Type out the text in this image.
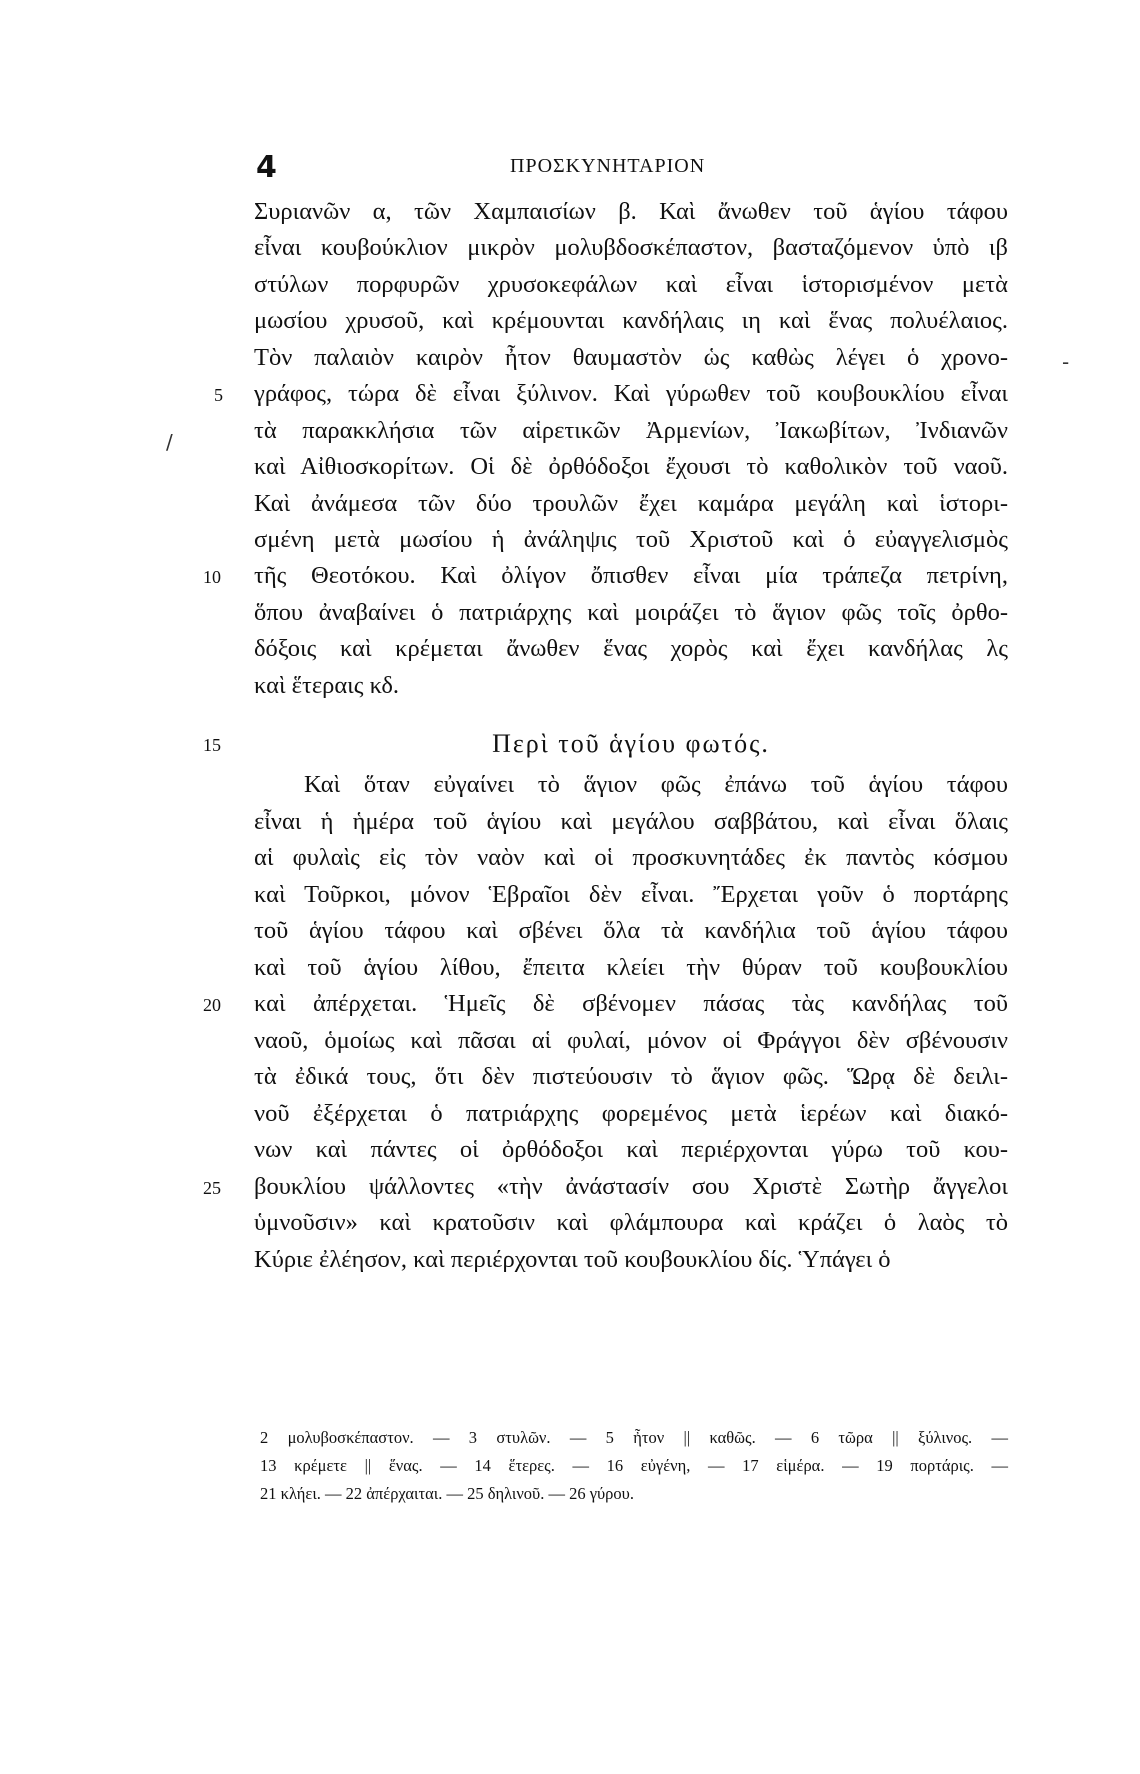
4	ΠΡΟΣΚΥΝΗΤΑΡΙΟΝ
Συριανῶν α, τῶν Χαμπαισίων β. Καὶ ἄνωθεν τοῦ ἁγίου τάφου
εἶναι κουβούκλιον μικρὸν μολυβδοσκέπαστον, βασταζόμενον ὑπὸ ιβ
στύλων πορφυρῶν χρυσοκεφάλων καὶ εἶναι ἱστορισμένον μετὰ
μωσίου χρυσοῦ, καὶ κρέμουνται κανδήλαις ιη καὶ ἕνας πολυέλαιος.
Τὸν παλαιὸν καιρὸν ἦτον θαυμαστὸν ὡς καθὼς λέγει ὁ χρονο-
γράφος, τώρα δὲ εἶναι ξύλινον. Καὶ γύρωθεν τοῦ κουβουκλίου εἶναι
τὰ παρακκλήσια τῶν αἱρετικῶν Ἀρμενίων, Ἰακωβίτων, Ἰνδιανῶν
καὶ Αἰθιοσκορίτων. Οἱ δὲ ὀρθόδοξοι ἔχουσι τὸ καθολικὸν τοῦ ναοῦ.
Καὶ ἀνάμεσα τῶν δύο τρουλῶν ἔχει καμάρα μεγάλη καὶ ἱστορι-
σμένη μετὰ μωσίου ἡ ἀνάληψις τοῦ Χριστοῦ καὶ ὁ εὐαγγελισμὸς
τῆς Θεοτόκου. Καὶ ὀλίγον ὄπισθεν εἶναι μία τράπεζα πετρίνη,
ὅπου ἀναβαίνει ὁ πατριάρχης καὶ μοιράζει τὸ ἅγιον φῶς τοῖς ὀρθο-
δόξοις καὶ κρέμεται ἄνωθεν ἕνας χορὸς καὶ ἔχει κανδήλας λς
καὶ ἕτεραις κδ.
Περὶ τοῦ ἁγίου φωτός.
Καὶ ὅταν εὐγαίνει τὸ ἅγιον φῶς ἐπάνω τοῦ ἁγίου τάφου
εἶναι ἡ ἡμέρα τοῦ ἁγίου καὶ μεγάλου σαββάτου, καὶ εἶναι ὅλαις
αἱ φυλαὶς εἰς τὸν ναὸν καὶ οἱ προσκυνητάδες ἐκ παντὸς κόσμου
καὶ Τοῦρκοι, μόνον Ἑβραῖοι δὲν εἶναι. Ἔρχεται γοῦν ὁ πορτάρης
τοῦ ἁγίου τάφου καὶ σβένει ὅλα τὰ κανδήλια τοῦ ἁγίου τάφου
καὶ τοῦ ἁγίου λίθου, ἔπειτα κλείει τὴν θύραν τοῦ κουβουκλίου
καὶ ἀπέρχεται. Ἡμεῖς δὲ σβένομεν πάσας τὰς κανδήλας τοῦ
ναοῦ, ὁμοίως καὶ πᾶσαι αἱ φυλαί, μόνον οἱ Φράγγοι δὲν σβένουσιν
τὰ ἐδικά τους, ὅτι δὲν πιστεύουσιν τὸ ἅγιον φῶς. Ὥρᾳ δὲ δειλι-
νοῦ ἐξέρχεται ὁ πατριάρχης φορεμένος μετὰ ἱερέων καὶ διακό-
νων καὶ πάντες οἱ ὀρθόδοξοι καὶ περιέρχονται γύρω τοῦ κου-
βουκλίου ψάλλοντες «τὴν ἀνάστασίν σου Χριστὲ Σωτὴρ ἄγγελοι
ὑμνοῦσιν» καὶ κρατοῦσιν καὶ φλάμπουρα καὶ κράζει ὁ λαὸς τὸ
Κύριε ἐλέησον, καὶ περιέρχονται τοῦ κουβουκλίου δίς. Ὑπάγει ὁ
5
10
15
20
25
2 μολυβοσκέπαστον. — 3 στυλῶν. — 5 ἦτον || καθῶς. — 6 τῶρα || ξύλινος. —
13 κρέμετε || ἕνας. — 14 ἕτερες. — 16 εὐγένη, — 17 εἱμέρα. — 19 πορτάρις. —
21 κλήει. — 22 ἀπέρχαιται. — 25 δηλινοῦ. — 26 γύρου.
-
/
